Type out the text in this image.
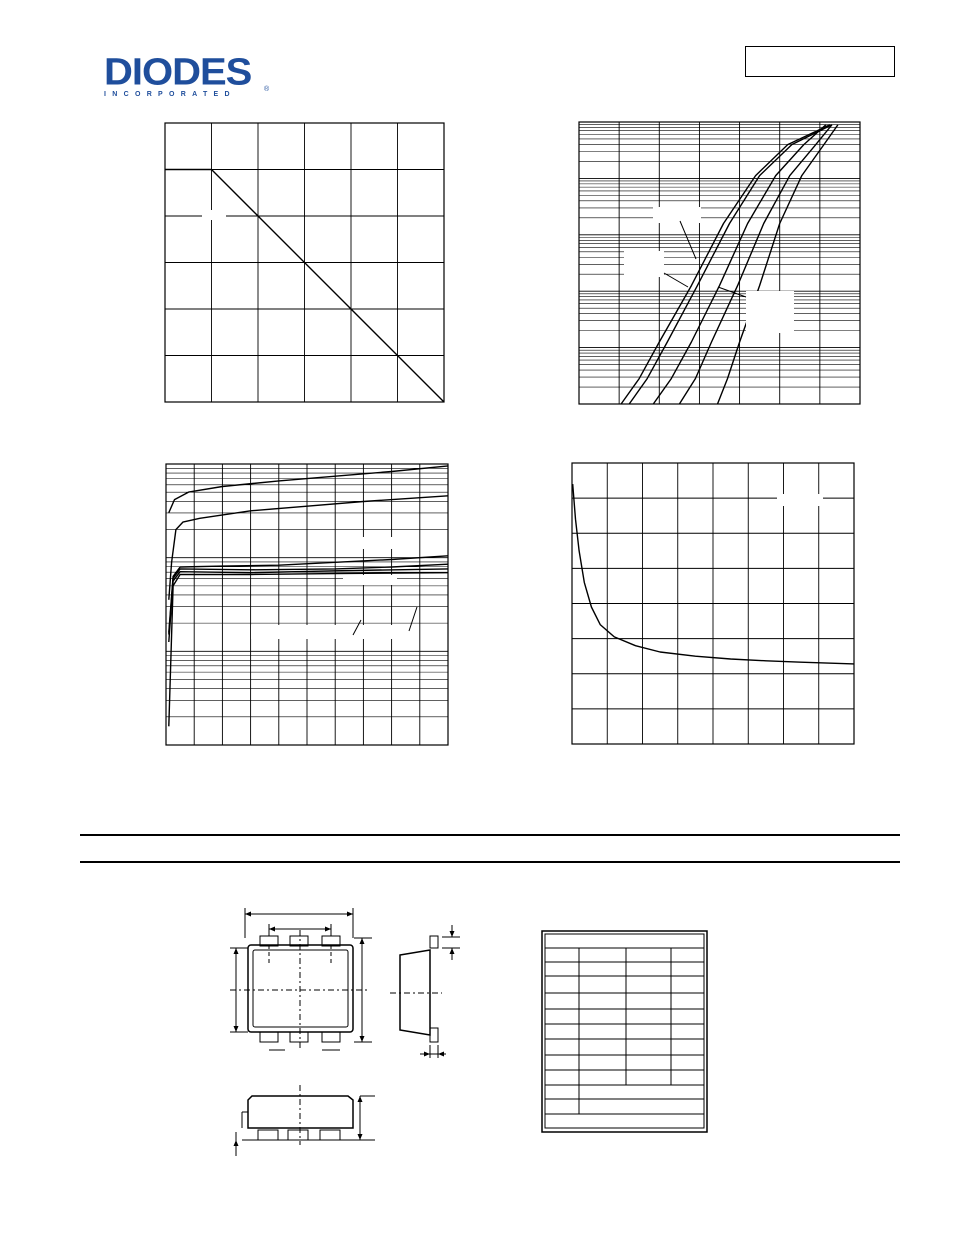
DIODES
INCORPORATED
®
